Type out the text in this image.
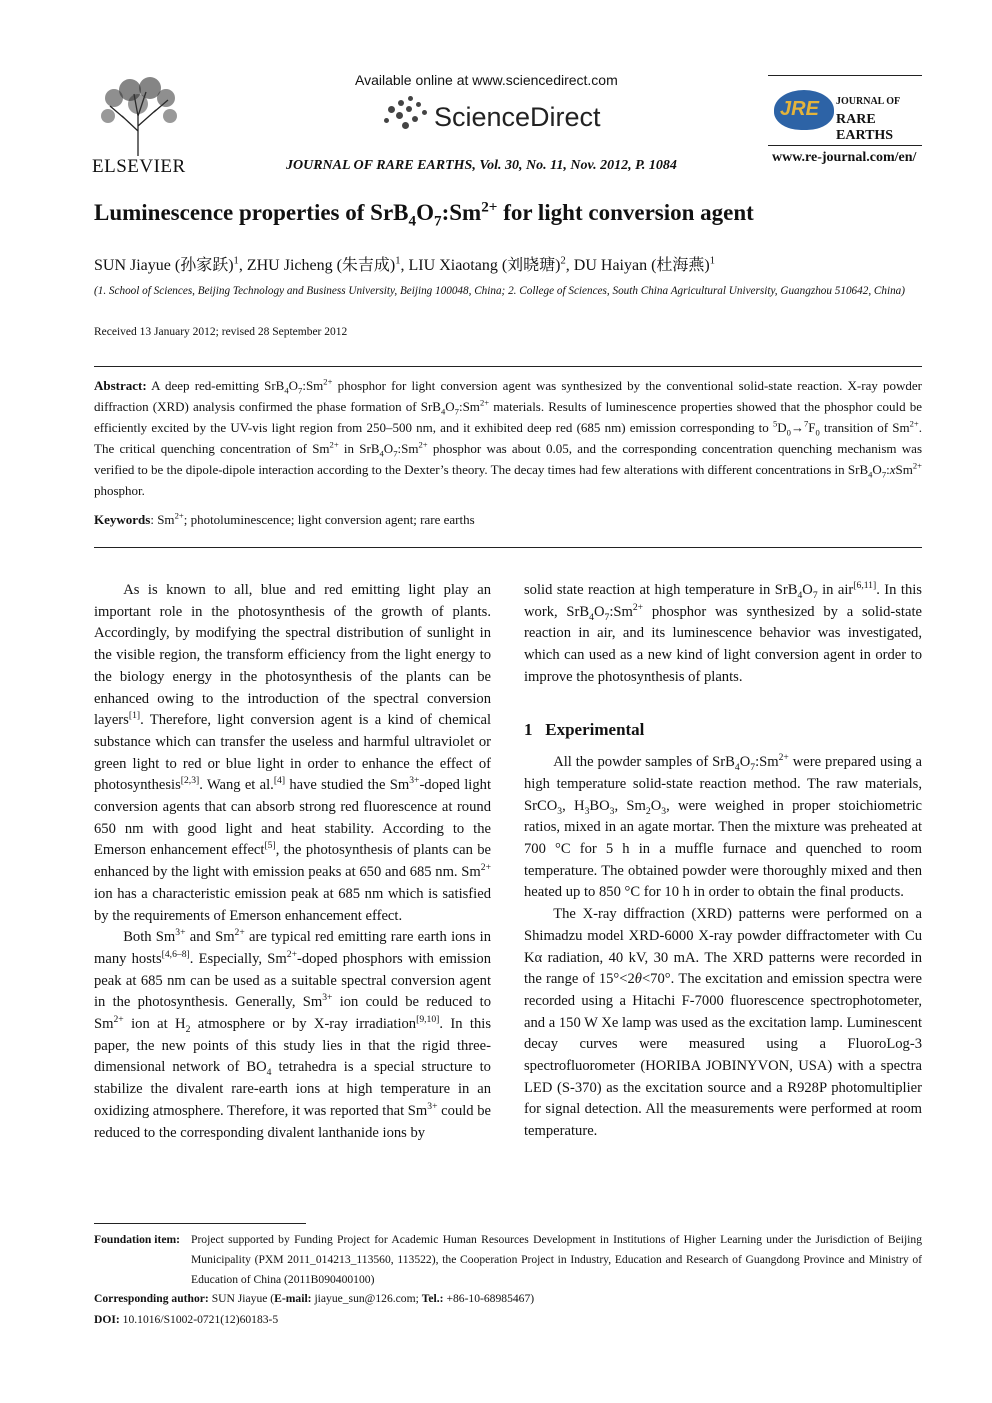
ELSEVIER
Available online at www.sciencedirect.com
ScienceDirect
JOURNAL OF RARE EARTHS, Vol. 30, No. 11, Nov. 2012, P. 1084
JRE JOURNAL OF
RARE EARTHS
www.re-journal.com/en/
Luminescence properties of $SrB_4O_7:Sm^{2+}$ for light conversion agent
SUN Jiayue (孙家跃)$^1$, ZHU Jicheng (朱吉成)$^1$, LIU Xiaotang (刘晓瑭)$^2$, DU Haiyan (杜海燕)$^1$
(1. School of Sciences, Beijing Technology and Business University, Beijing 100048, China; 2. College of Sciences, South China Agricultural University, Guangzhou 510642, China)
Received 13 January 2012; revised 28 September 2012
Abstract: A deep red-emitting $SrB_4O_7:Sm^{2+}$ phosphor for light conversion agent was synthesized by the conventional solid-state reaction. X-ray powder diffraction (XRD) analysis confirmed the phase formation of $SrB_4O_7:Sm^{2+}$ materials. Results of luminescence properties showed that the phosphor could be efficiently excited by the UV-vis light region from 250–500 nm, and it exhibited deep red (685 nm) emission corresponding to $^5D_0\to^7F_0$ transition of $Sm^{2+}$. The critical quenching concentration of $Sm^{2+}$ in $SrB_4O_7:Sm^{2+}$ phosphor was about 0.05, and the corresponding concentration quenching mechanism was verified to be the dipole-dipole interaction according to the Dexter’s theory. The decay times had few alterations with different concentrations in $SrB_4O_7:xSm^{2+}$ phosphor.
Keywords: $Sm^{2+}$; photoluminescence; light conversion agent; rare earths

As is known to all, blue and red emitting light play an important role in the photosynthesis of the growth of plants. Accordingly, by modifying the spectral distribution of sunlight in the visible region, the transform efficiency from the light energy to the biology energy in the photosynthesis of the plants can be enhanced owing to the introduction of the spectral conversion layers[1]. Therefore, light conversion agent is a kind of chemical substance which can transfer the useless and harmful ultraviolet or green light to red or blue light in order to enhance the effect of photosynthesis[2,3]. Wang et al.[4] have studied the $Sm^{3+}$-doped light conversion agents that can absorb strong red fluorescence at round 650 nm with good light and heat stability. According to the Emerson enhancement effect[5], the photosynthesis of plants can be enhanced by the light with emission peaks at 650 and 685 nm. $Sm^{2+}$ ion has a characteristic emission peak at 685 nm which is satisfied by the requirements of Emerson enhancement effect.

Both $Sm^{3+}$ and $Sm^{2+}$ are typical red emitting rare earth ions in many hosts[4,6–8]. Especially, $Sm^{2+}$-doped phosphors with emission peak at 685 nm can be used as a suitable spectral conversion agent in the photosynthesis. Generally, $Sm^{3+}$ ion could be reduced to $Sm^{2+}$ ion at $H_2$ atmosphere or by X-ray irradiation[9,10]. In this paper, the new points of this study lies in that the rigid three-dimensional network of $BO_4$ tetrahedra is a special structure to stabilize the divalent rare-earth ions at high temperature in an oxidizing atmosphere. Therefore, it was reported that $Sm^{3+}$ could be reduced to the corresponding divalent lanthanide ions by

solid state reaction at high temperature in $SrB_4O_7$ in air[6,11]. In this work, $SrB_4O_7:Sm^{2+}$ phosphor was synthesized by a solid-state reaction in air, and its luminescence behavior was investigated, which can used as a new kind of light conversion agent in order to improve the photosynthesis of plants.

1 Experimental

All the powder samples of $SrB_4O_7:Sm^{2+}$ were prepared using a high temperature solid-state reaction method. The raw materials, SrCO$_3$, $H_3BO_3$, $Sm_2O_3$, were weighed in proper stoichiometric ratios, mixed in an agate mortar. Then the mixture was preheated at 700 °C for 5 h in a muffle furnace and quenched to room temperature. The obtained powder were thoroughly mixed and then heated up to 850 °C for 10 h in order to obtain the final products.

The X-ray diffraction (XRD) patterns were performed on a Shimadzu model XRD-6000 X-ray powder diffractometer with Cu Kα radiation, 40 kV, 30 mA. The XRD patterns were recorded in the range of 15°<2θ<70°. The excitation and emission spectra were recorded using a Hitachi F-7000 fluorescence spectrophotometer, and a 150 W Xe lamp was used as the excitation lamp. Luminescent decay curves were measured using a FluoroLog-3 spectrofluorometer (HORIBA JOBINYVON, USA) with a spectra LED (S-370) as the excitation source and a R928P photomultiplier for signal detection. All the measurements were performed at room temperature.

Foundation item: Project supported by Funding Project for Academic Human Resources Development in Institutions of Higher Learning under the Jurisdiction of Beijing Municipality (PXM 2011_014213_113560, 113522), the Cooperation Project in Industry, Education and Research of Guangdong Province and Ministry of Education of China (2011B090400100)
Corresponding author: SUN Jiayue (E-mail: jiayue_sun@126.com; Tel.: +86-10-68985467)
DOI: 10.1016/S1002-0721(12)60183-5
